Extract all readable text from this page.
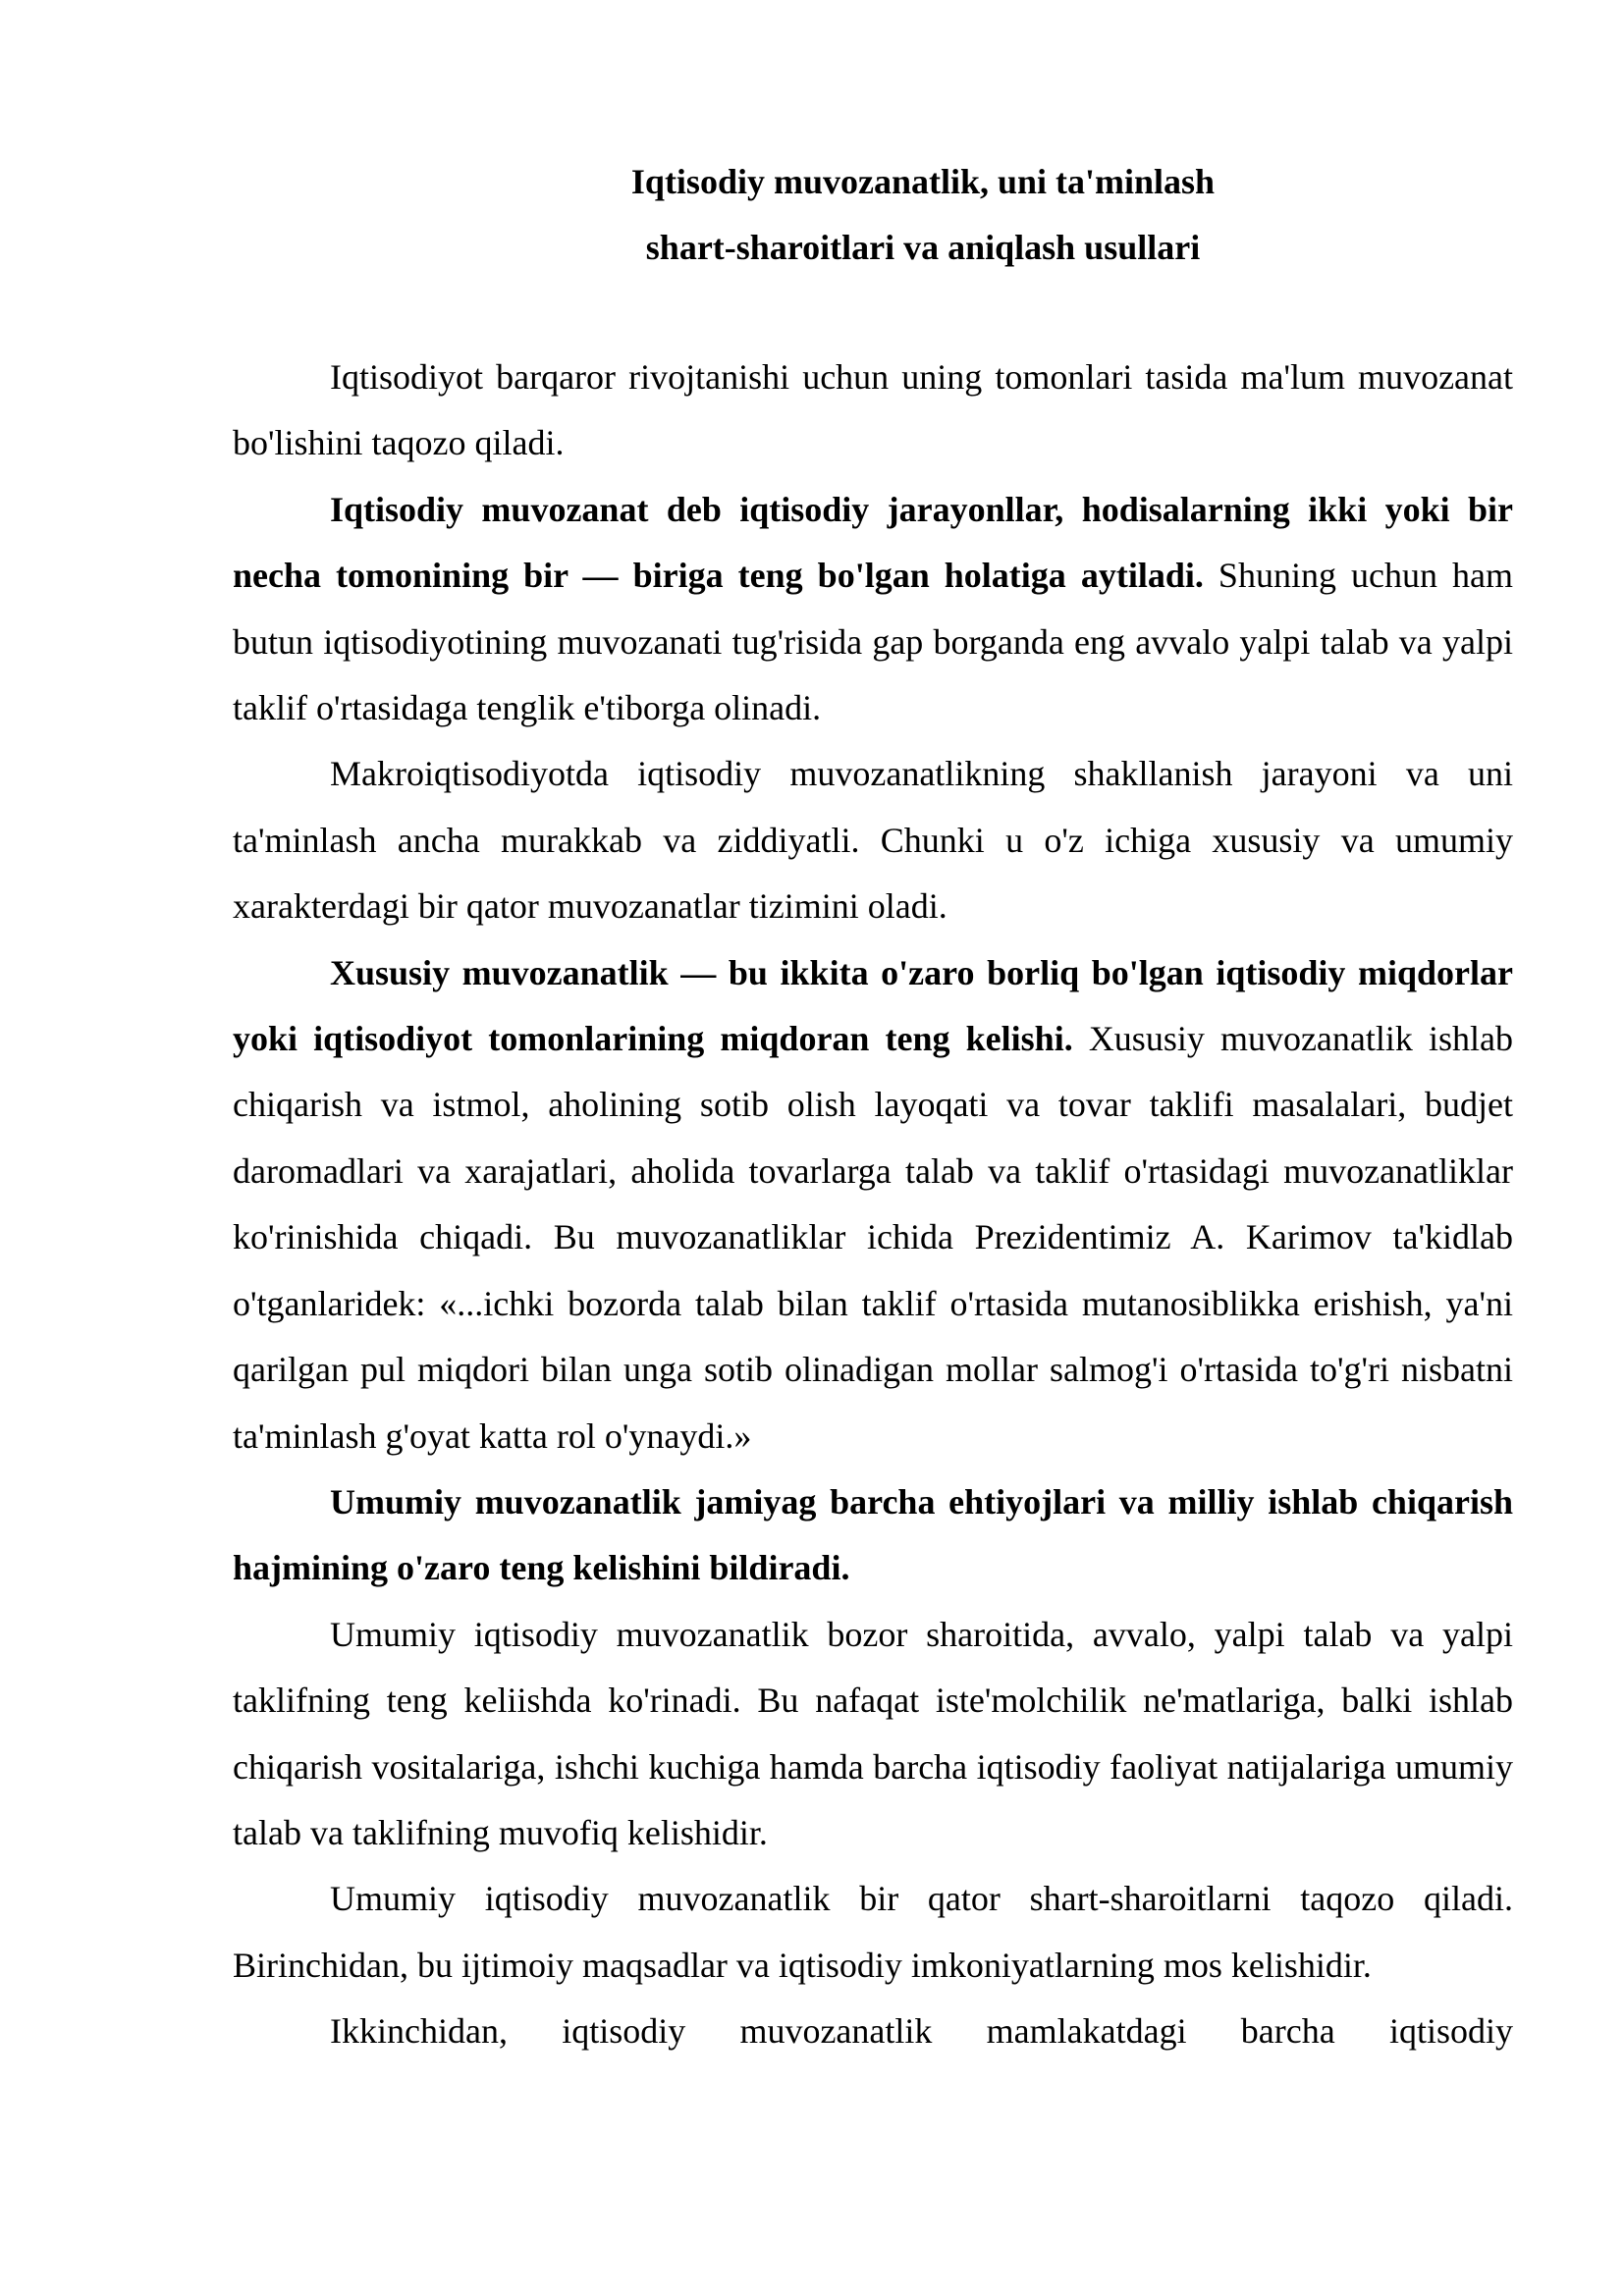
Iqtisodiy muvozanatlik, uni ta'minlash
shart-sharoitlari va aniqlash usullari

Iqtisodiyot barqaror rivojtanishi uchun uning tomonlari tasida ma'lum muvozanat bo'lishini taqozo qiladi.

Iqtisodiy muvozanat deb iqtisodiy jarayonllar, hodisalarning ikki yoki bir necha tomonining bir — biriga teng bo'lgan holatiga aytiladi. Shuning uchun ham butun iqtisodiyotining muvozanati tug'risida gap borganda eng avvalo yalpi talab va yalpi taklif o'rtasidaga tenglik e'tiborga olinadi.

Makroiqtisodiyotda iqtisodiy muvozanatlikning shakllanish jarayoni va uni ta'minlash ancha murakkab va ziddiyatli. Chunki u o'z ichiga xususiy va umumiy xarakterdagi bir qator muvozanatlar tizimini oladi.

Xususiy muvozanatlik — bu ikkita o'zaro borliq bo'lgan iqtisodiy miqdorlar yoki iqtisodiyot tomonlarining miqdoran teng kelishi. Xususiy muvozanatlik ishlab chiqarish va istmol, aholining sotib olish layoqati va tovar taklifi masalalari, budjet daromadlari va xarajatlari, aholida tovarlarga talab va taklif o'rtasidagi muvozanatliklar ko'rinishida chiqadi. Bu muvozanatliklar ichida Prezidentimiz A. Karimov ta'kidlab o'tganlaridek: «...ichki bozorda talab bilan taklif o'rtasida mutanosiblikka erishish, ya'ni qarilgan pul miqdori bilan unga sotib olinadigan mollar salmog'i o'rtasida to'g'ri nisbatni ta'minlash g'oyat katta rol o'ynaydi.»

Umumiy muvozanatlik jamiyag barcha ehtiyojlari va milliy ishlab chiqarish hajmining o'zaro teng kelishini bildiradi.

Umumiy iqtisodiy muvozanatlik bozor sharoitida, avvalo, yalpi talab va yalpi taklifning teng keliishda ko'rinadi. Bu nafaqat iste'molchilik ne'matlariga, balki ishlab chiqarish vositalariga, ishchi kuchiga hamda barcha iqtisodiy faoliyat natijalariga umumiy talab va taklifning muvofiq kelishidir.

Umumiy iqtisodiy muvozanatlik bir qator shart-sharoitlarni taqozo qiladi. Birinchidan, bu ijtimoiy maqsadlar va iqtisodiy imkoniyatlarning mos kelishidir.

Ikkinchidan, iqtisodiy muvozanatlik mamlakatdagi barcha iqtisodiy
